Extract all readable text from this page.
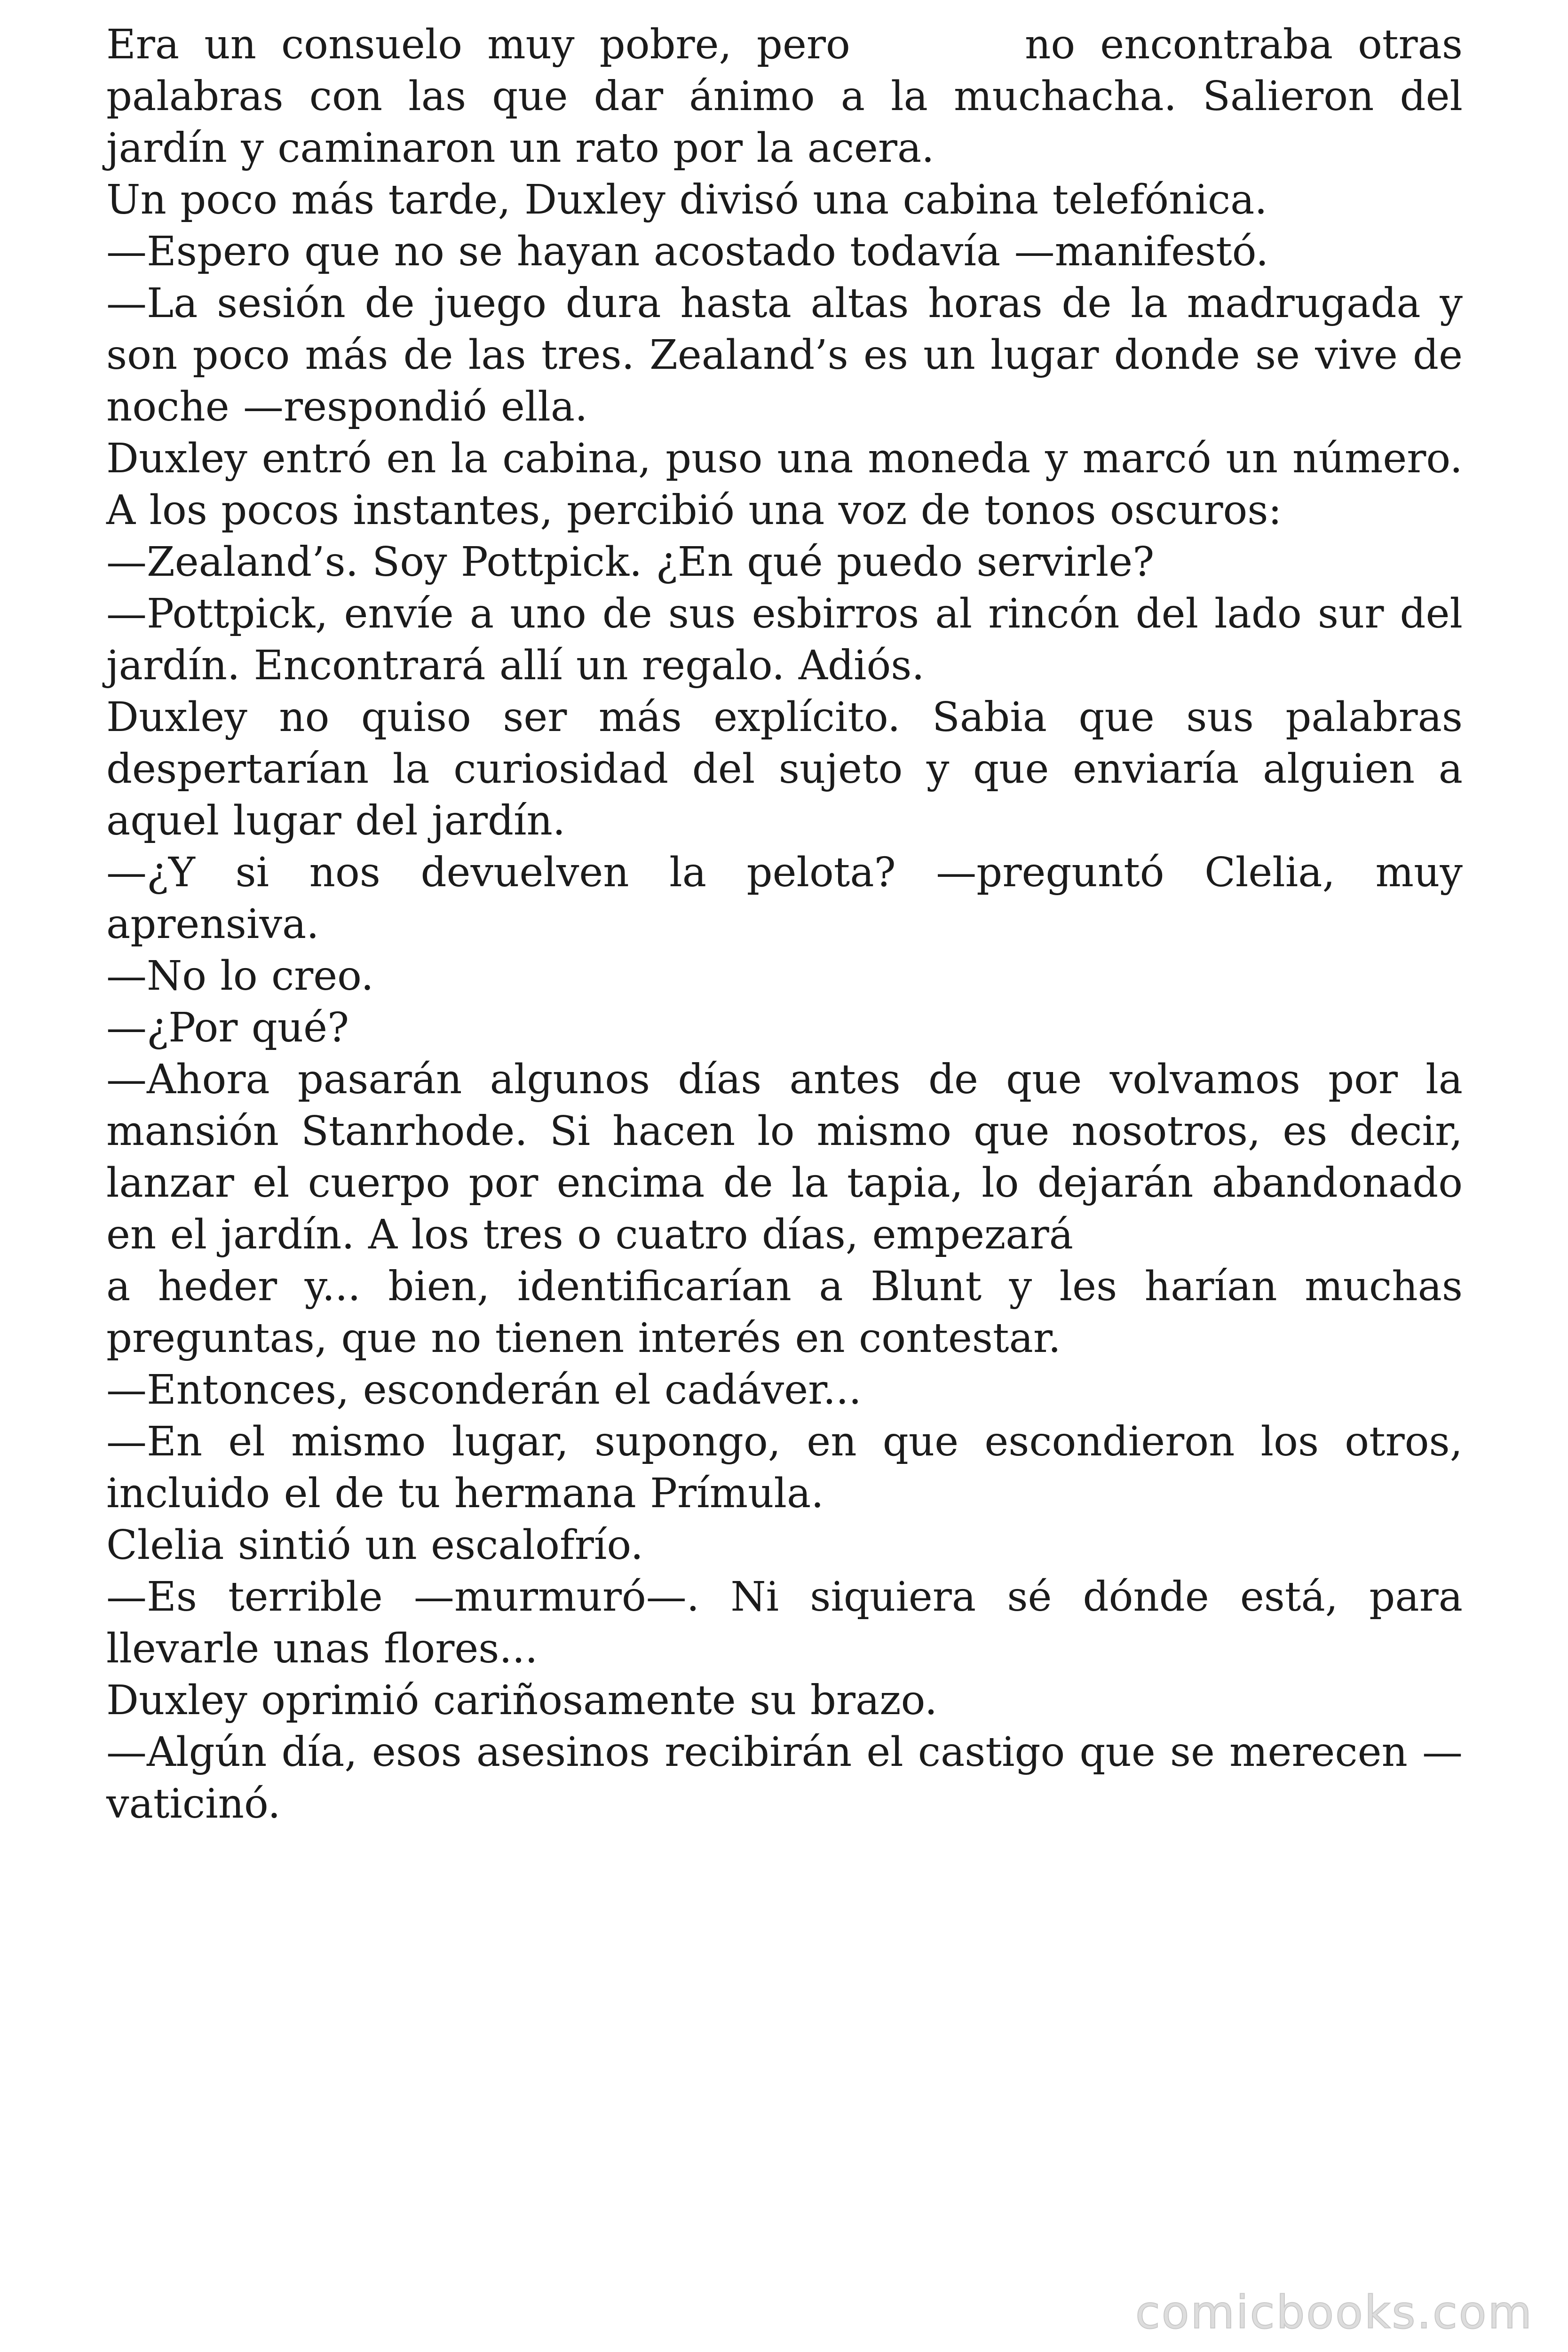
Era un consuelo muy pobre, pero       no encontraba otras palabras con las que dar ánimo a la muchacha. Salieron del jardín y caminaron un rato por la acera.

Un poco más tarde, Duxley divisó una cabina telefónica.

—Espero que no se hayan acostado todavía —manifestó.

—La sesión de juego dura hasta altas horas de la madrugada y son poco más de las tres. Zealand’s es un lugar donde se vive de noche —respondió ella.

Duxley entró en la cabina, puso una moneda y marcó un número. A los pocos instantes, percibió una voz de tonos oscuros:

—Zealand’s. Soy Pottpick. ¿En qué puedo servirle?

—Pottpick, envíe a uno de sus esbirros al rincón del lado sur del jardín. Encontrará allí un regalo. Adiós.

Duxley no quiso ser más explícito. Sabia que sus palabras despertarían la curiosidad del sujeto y que enviaría alguien a aquel lugar del jardín.

—¿Y si nos devuelven la pelota? —preguntó Clelia, muy aprensiva.

—No lo creo.

—¿Por qué?

—Ahora pasarán algunos días antes de que volvamos por la mansión Stanrhode. Si hacen lo mismo que nosotros, es decir, lanzar el cuerpo por encima de la tapia, lo dejarán abandonado en el jardín. A los tres o cuatro días, empezará

a heder y... bien, identificarían a Blunt y les harían muchas preguntas, que no tienen interés en contestar.

—Entonces, esconderán el cadáver...

—En el mismo lugar, supongo, en que escondieron los otros, incluido el de tu hermana Prímula.

Clelia sintió un escalofrío.

—Es terrible —murmuró—. Ni siquiera sé dónde está, para llevarle unas flores...

Duxley oprimió cariñosamente su brazo.

—Algún día, esos asesinos recibirán el castigo que se merecen —vaticinó.

comicbooks.com
